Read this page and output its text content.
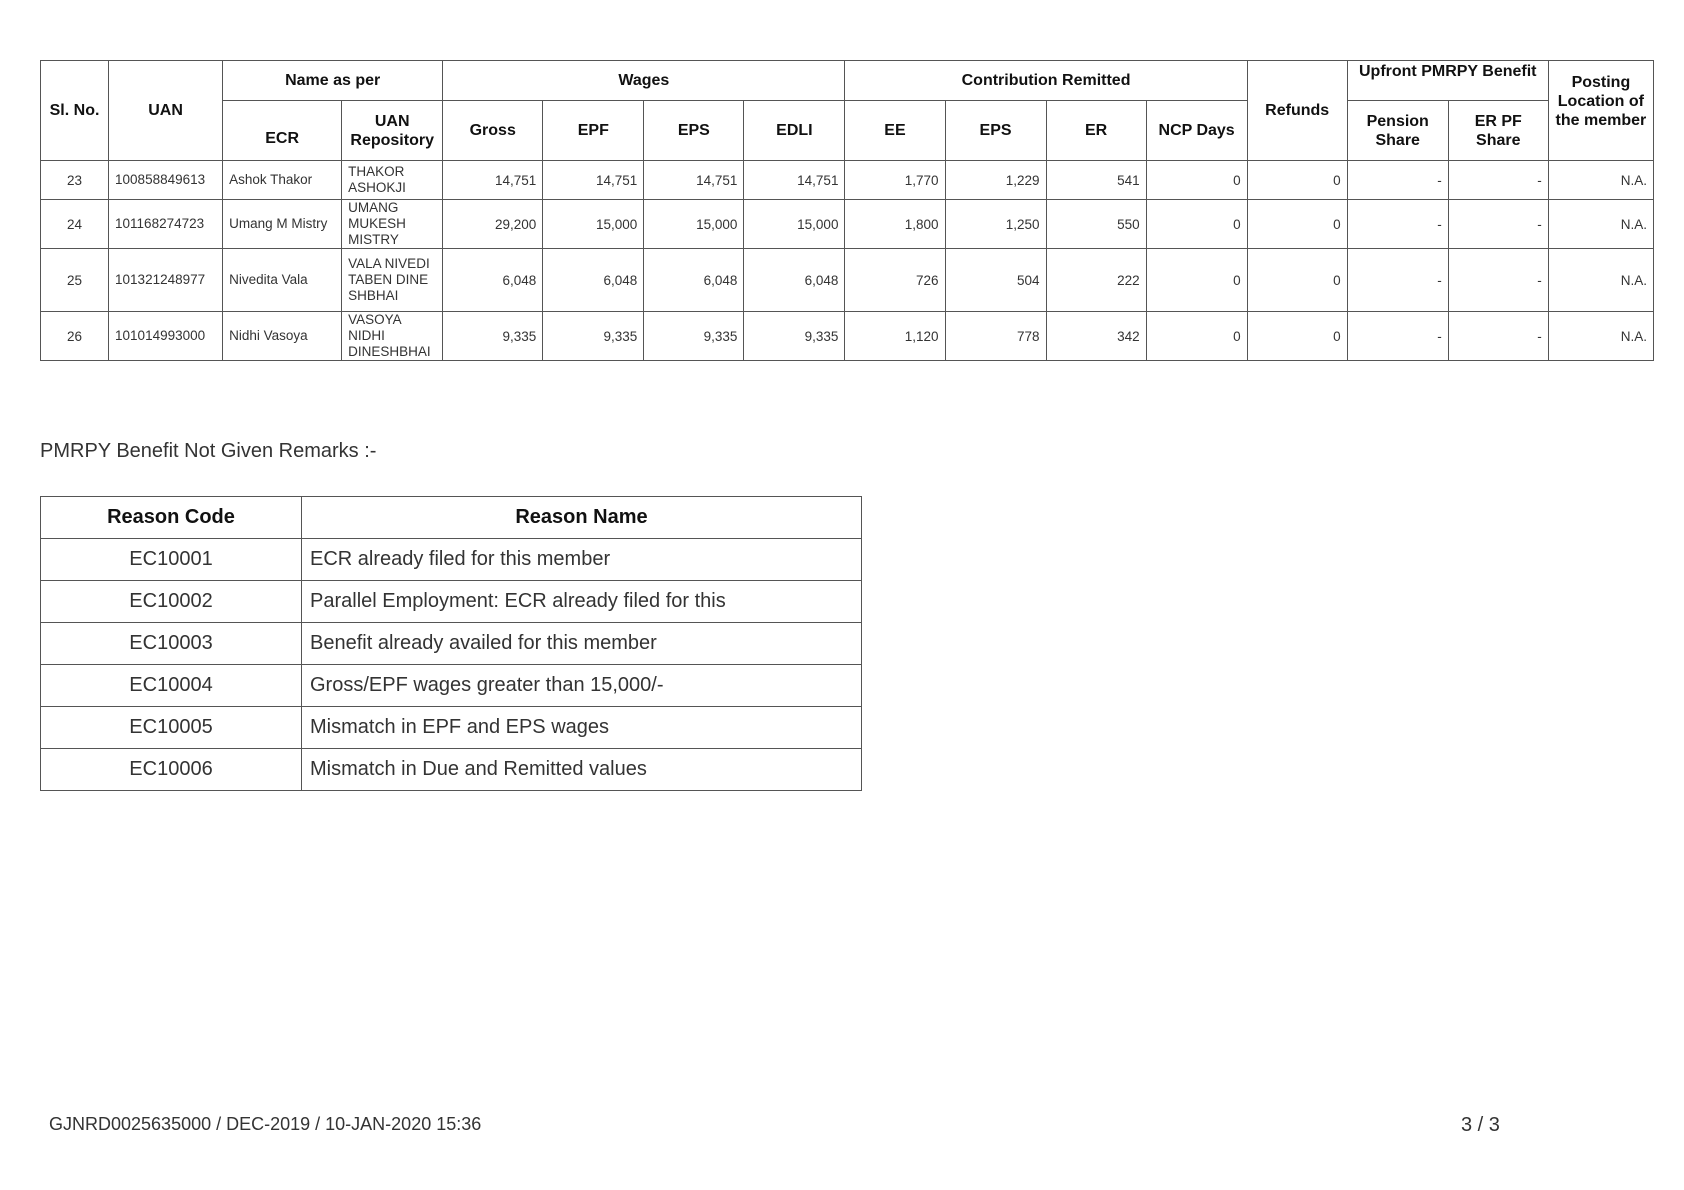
Sl. No.	UAN	Name as per		Wages				Contribution Remitted				Refunds	Upfront PMRPY Benefit		Posting Location of the member
		ECR	UAN Repository	Gross	EPF	EPS	EDLI	EE	EPS	ER	NCP Days		Pension Share	ER PF Share	
23	100858849613	Ashok Thakor	THAKOR ASHOKJI	14,751	14,751	14,751	14,751	1,770	1,229	541	0	0	-	-	N.A.
24	101168274723	Umang M Mistry	UMANG MUKESH MISTRY	29,200	15,000	15,000	15,000	1,800	1,250	550	0	0	-	-	N.A.
25	101321248977	Nivedita Vala	VALA NIVEDITABEN DINESHBHAI	6,048	6,048	6,048	6,048	726	504	222	0	0	-	-	N.A.
26	101014993000	Nidhi Vasoya	VASOYA NIDHI DINESHBHAI	9,335	9,335	9,335	9,335	1,120	778	342	0	0	-	-	N.A.
PMRPY Benefit Not Given Remarks :-
Reason Code	Reason Name
EC10001	ECR already filed for this member
EC10002	Parallel Employment: ECR already filed for this
EC10003	Benefit already availed for this member
EC10004	Gross/EPF wages greater than 15,000/-
EC10005	Mismatch in EPF and EPS wages
EC10006	Mismatch in Due and Remitted values
GJNRD0025635000 / DEC-2019 / 10-JAN-2020 15:36	3 / 3
